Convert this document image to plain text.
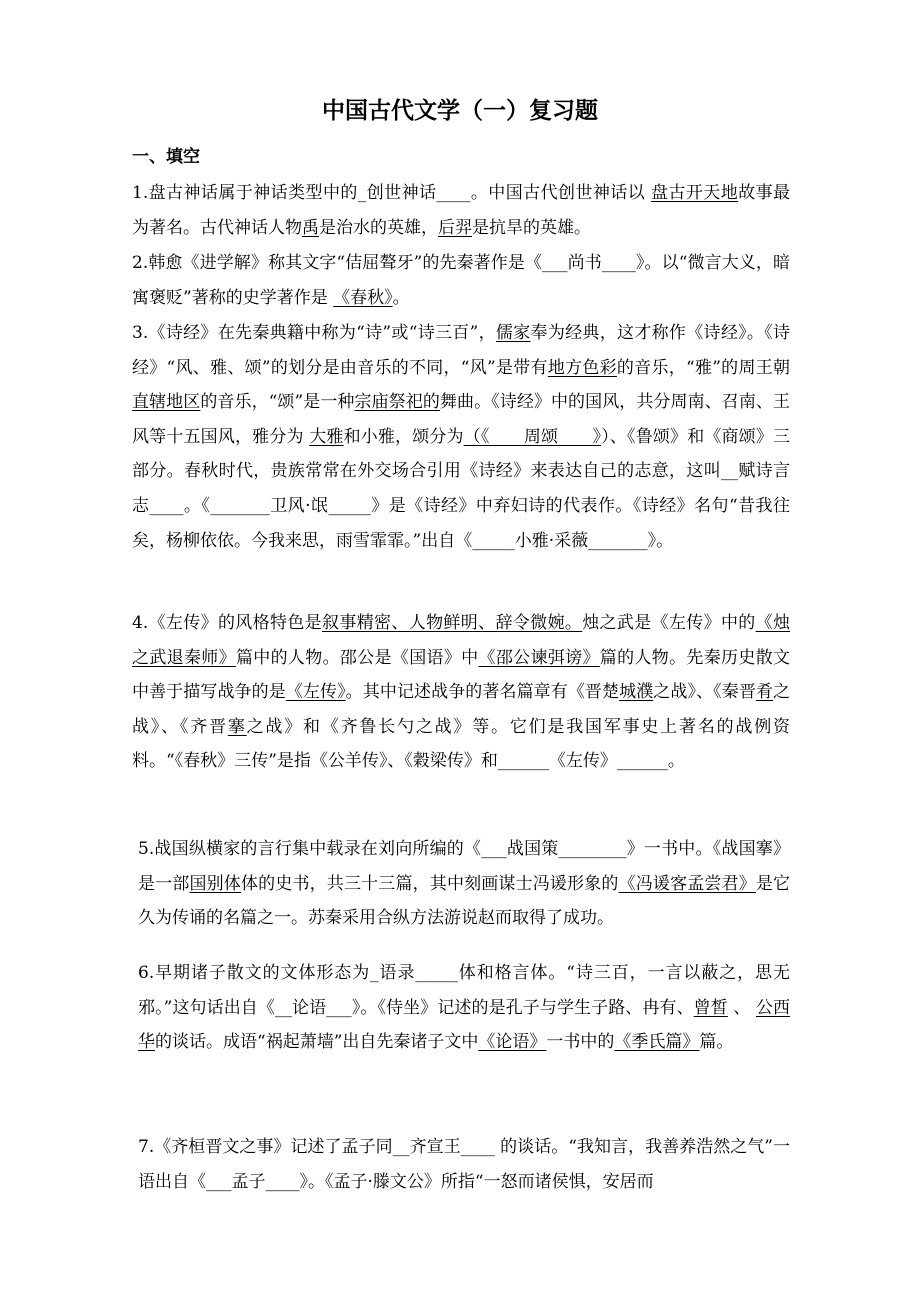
中国古代文学（一）复习题
一、填空

1.盘古神话属于神话类型中的_创世神话____。中国古代创世神话以 盘古开天地故事最为著名。古代神话人物禹是治水的英雄，后羿是抗旱的英雄。

2.韩愈《进学解》称其文字“佶屈聱牙”的先秦著作是《___尚书____》。以“微言大义，暗寓褒贬”著称的史学著作是 《春秋》。

3.《诗经》在先秦典籍中称为“诗”或“诗三百”，儒家奉为经典，这才称作《诗经》。《诗经》“风、雅、颂”的划分是由音乐的不同，“风”是带有地方色彩的音乐，“雅”的周王朝直辖地区的音乐，“颂”是一种宗庙祭祀的舞曲。《诗经》中的国风，共分周南、召南、王风等十五国风，雅分为 大雅和小雅，颂分为（《　　周颂　　》）、《鲁颂》和《商颂》三部分。春秋时代，贵族常常在外交场合引用《诗经》来表达自己的志意，这叫__赋诗言志____。《_______卫风·氓_____》是《诗经》中弃妇诗的代表作。《诗经》名句“昔我往矣，杨柳依依。今我来思，雨雪霏霏。”出自《_____小雅·采薇_______》。

4.《左传》的风格特色是叙事精密、人物鲜明、辞令微婉。烛之武是《左传》中的《烛之武退秦师》篇中的人物。邵公是《国语》中《邵公谏弭谤》篇的人物。先秦历史散文中善于描写战争的是《左传》。其中记述战争的著名篇章有《晋楚城濮之战》、《秦晋肴之战》、《齐晋搴之战》和《齐鲁长勺之战》等。它们是我国军事史上著名的战例资料。“《春秋》三传”是指《公羊传》、《穀梁传》和______《左传》______。

5.战国纵横家的言行集中载录在刘向所编的《___战国策________》一书中。《战国搴》是一部国别体体的史书，共三十三篇，其中刻画谋士冯谖形象的《冯谖客孟尝君》是它久为传诵的名篇之一。苏秦采用合纵方法游说赵而取得了成功。

6.早期诸子散文的文体形态为_语录_____体和格言体。“诗三百，一言以蔽之，思无邪。”这句话出自《__论语___》。《侍坐》记述的是孔子与学生子路、冉有、曾皙 、 公西华的谈话。成语“祸起萧墙”出自先秦诸子文中《论语》一书中的《季氏篇》篇。

7.《齐桓晋文之事》记述了孟子同__齐宣王____ 的谈话。“我知言，我善养浩然之气”一语出自《___孟子____》。《孟子·滕文公》所指“一怒而诸侯惧，安居而
